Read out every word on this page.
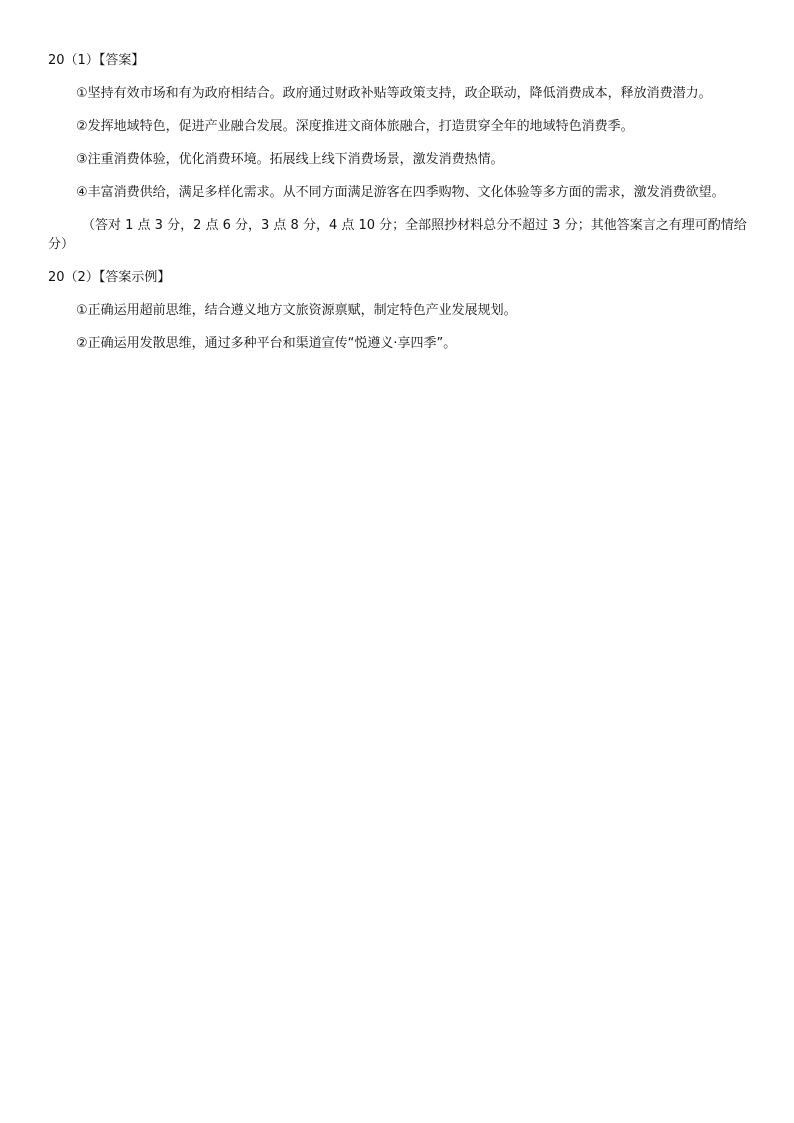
20（1）【答案】

①坚持有效市场和有为政府相结合。政府通过财政补贴等政策支持，政企联动，降低消费成本，释放消费潜力。

②发挥地域特色，促进产业融合发展。深度推进文商体旅融合，打造贯穿全年的地域特色消费季。

③注重消费体验，优化消费环境。拓展线上线下消费场景，激发消费热情。

④丰富消费供给，满足多样化需求。从不同方面满足游客在四季购物、文化体验等多方面的需求，激发消费欲望。

（答对 1 点 3 分，2 点 6 分，3 点 8 分，4 点 10 分；全部照抄材料总分不超过 3 分；其他答案言之有理可酌情给分）

20（2）【答案示例】

①正确运用超前思维，结合遵义地方文旅资源禀赋，制定特色产业发展规划。

②正确运用发散思维，通过多种平台和渠道宣传“悦遵义·享四季”。
